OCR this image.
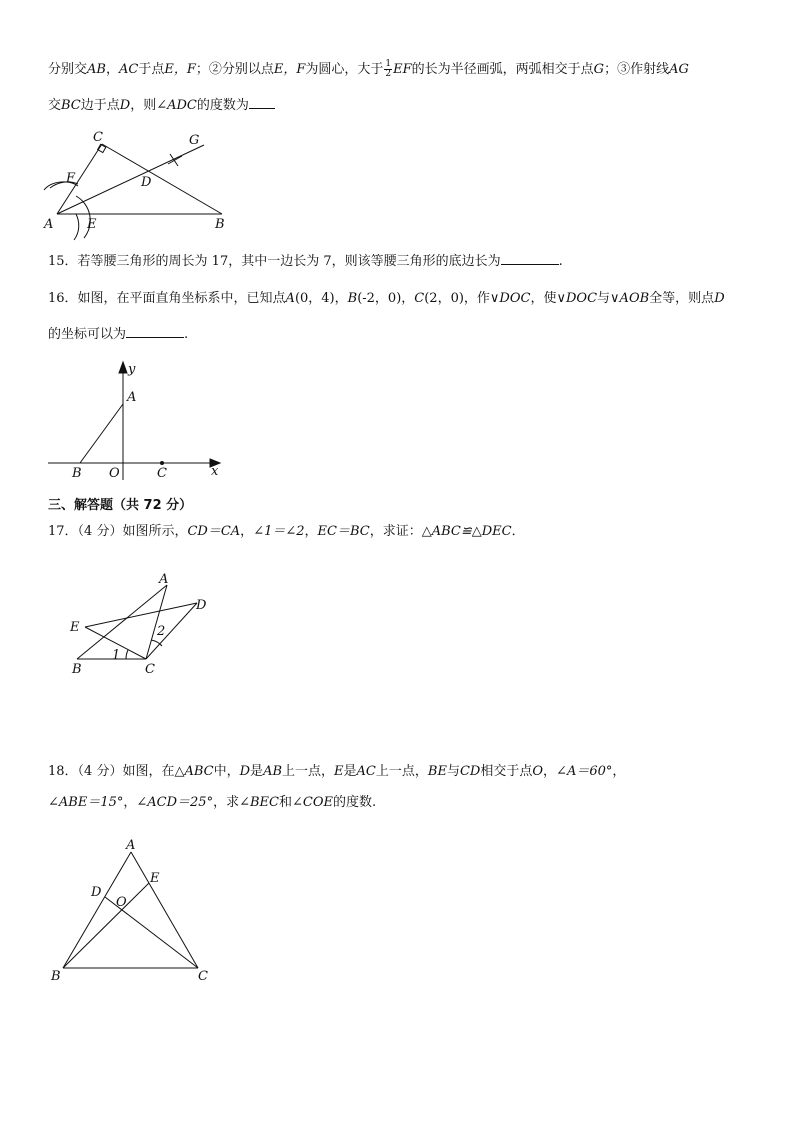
分别交AB，AC于点E，F；②分别以点E，F为圆心，大于 $\frac{1}{2}$ EF的长为半径画弧，两弧相交于点G；③作射线AG
交BC边于点D，则∠ADC的度数为
C	G
F	D
A	E	B
15．若等腰三角形的周长为 17，其中一边长为 7，则该等腰三角形的底边长为	.
16．如图，在平面直角坐标系中，已知点A(0，4)，B(-2，0)，C(2，0)，作∨DOC，使∨DOC与∨AOB全等，则点D
的坐标可以为	.
y
A
B O	C	x
三、解答题（共 72 分）
17．（4 分）如图所示，CD＝CA，∠1＝∠2，EC＝BC，求证：△ABC≌△DEC．
A
D
E	2
1
B	C
18．（4 分）如图，在△ABC中，D是AB上一点，E是AC上一点，BE与CD相交于点O，∠A＝60°，
∠ABE＝15°，∠ACD＝25°，求∠BEC和∠COE的度数.
A
D
E
O
B	C
